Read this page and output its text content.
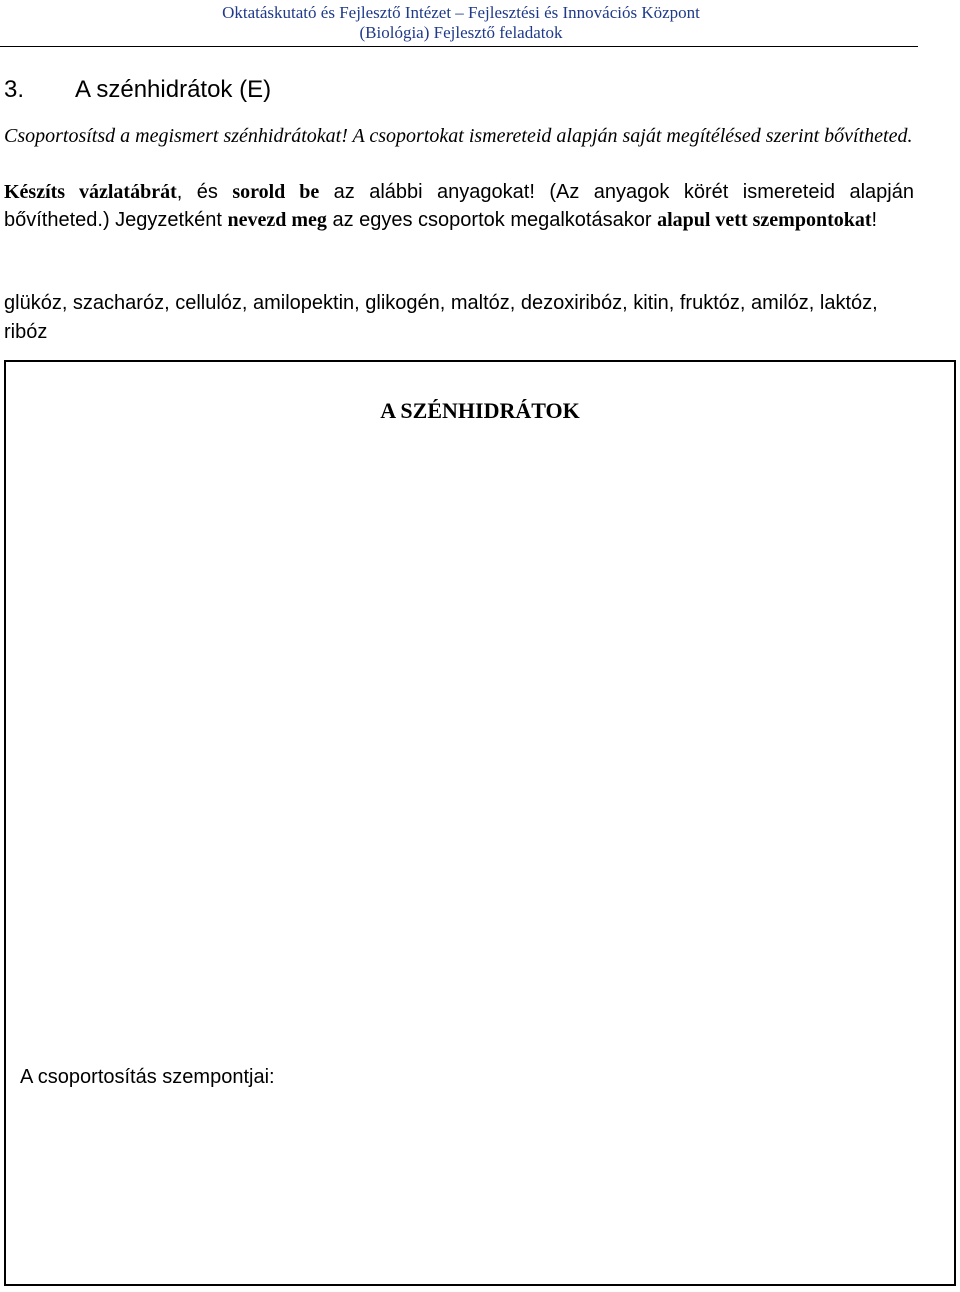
Oktatáskutató és Fejlesztő Intézet – Fejlesztési és Innovációs Központ
(Biológia) Fejlesztő feladatok
3. A szénhidrátok (E)
Csoportosítsd a megismert szénhidrátokat! A csoportokat ismereteid alapján saját megítélésed szerint bővítheted.
Készíts vázlatábrát, és sorold be az alábbi anyagokat! (Az anyagok körét ismereteid alapján bővítheted.) Jegyzetként nevezd meg az egyes csoportok megalkotásakor alapul vett szempontokat!
glükóz, szacharóz, cellulóz, amilopektin, glikogén, maltóz, dezoxiribóz, kitin, fruktóz, amilóz, laktóz, ribóz
A SZÉNHIDRÁTOK
A csoportosítás szempontjai:
